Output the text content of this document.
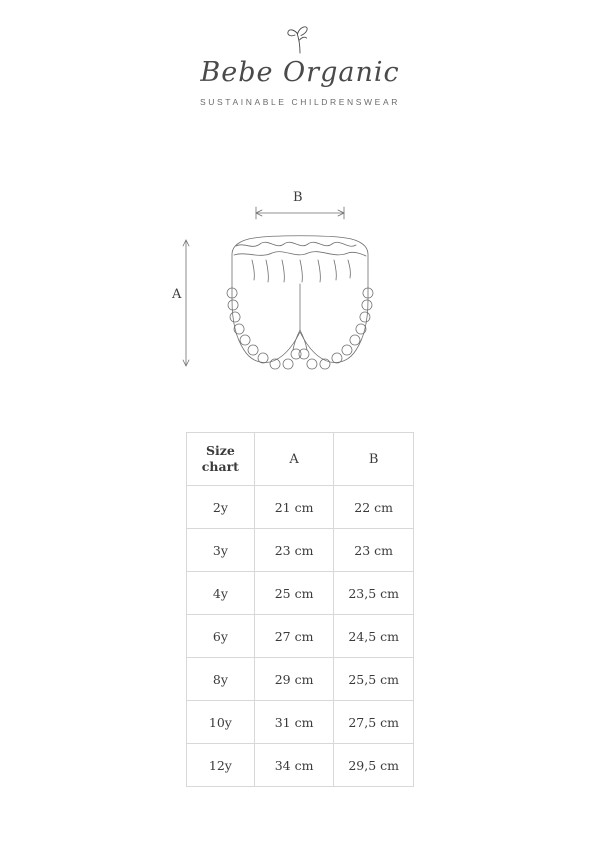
Bebe Organic
SUSTAINABLE CHILDRENSWEAR
B
A
Size chart	A	B
2y	21 cm	22 cm
3y	23 cm	23 cm
4y	25 cm	23,5 cm
6y	27 cm	24,5 cm
8y	29 cm	25,5 cm
10y	31 cm	27,5 cm
12y	34 cm	29,5 cm
